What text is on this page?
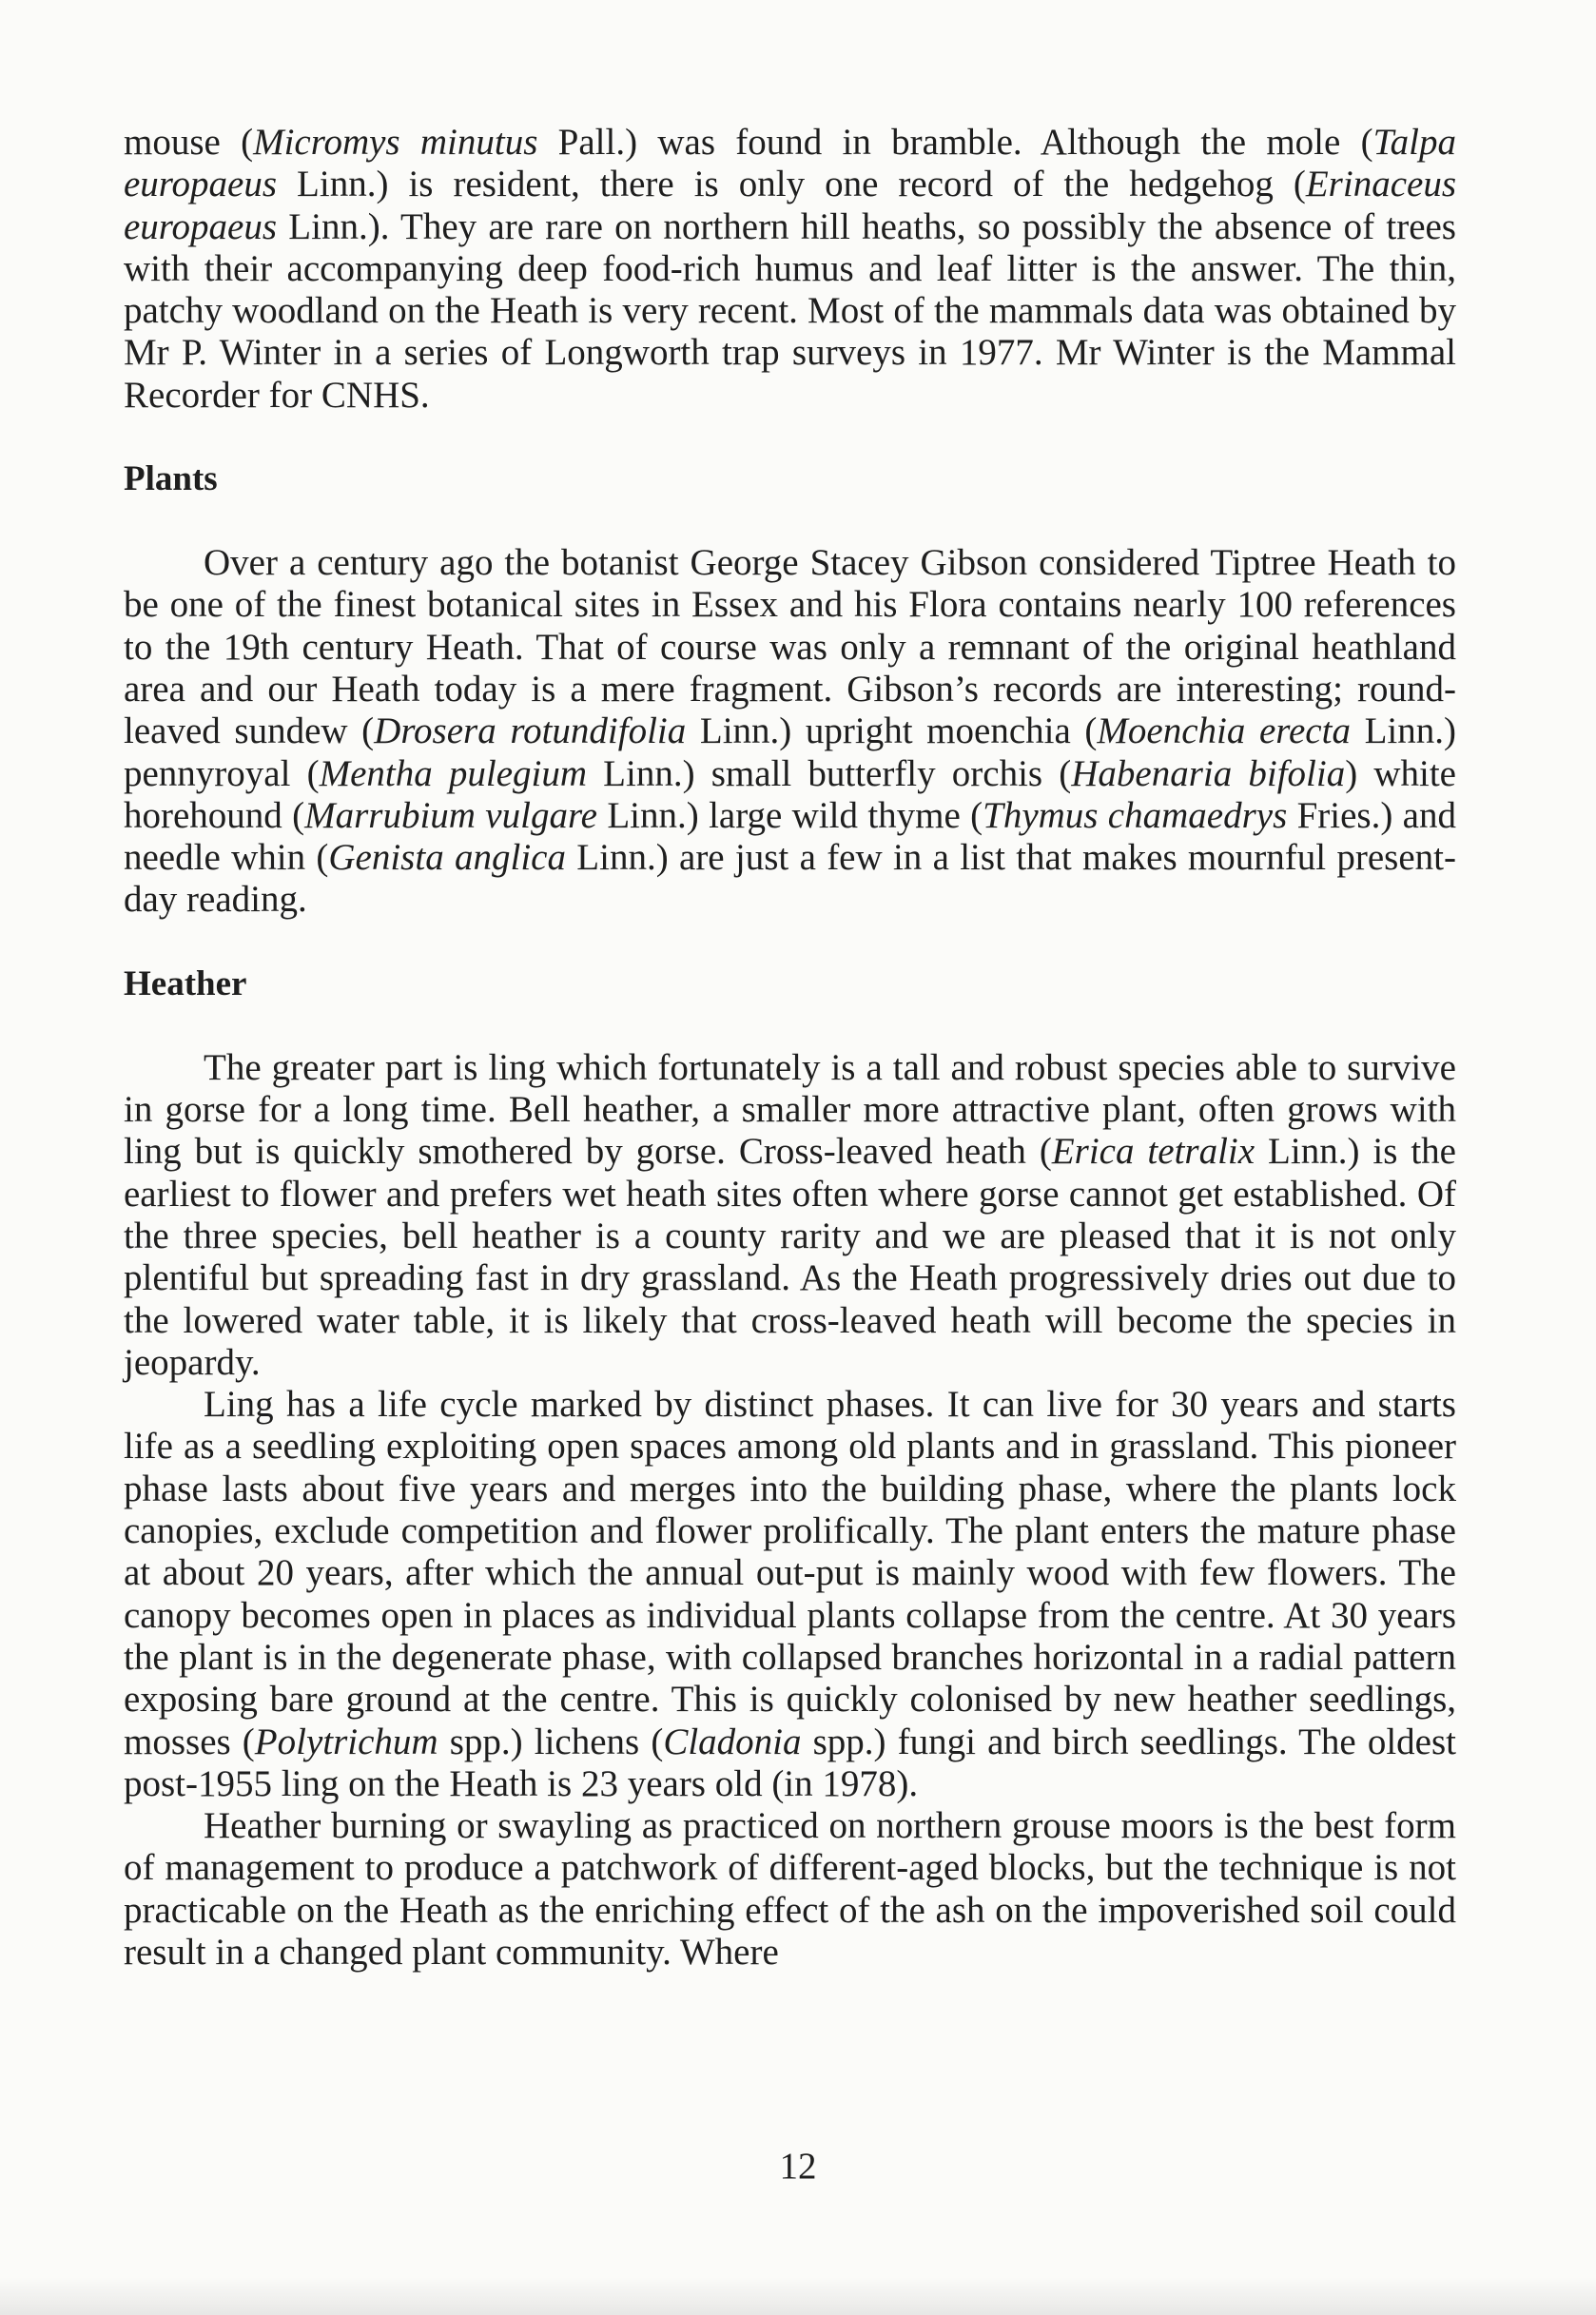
mouse (Micromys minutus Pall.) was found in bramble. Although the mole (Talpa europaeus Linn.) is resident, there is only one record of the hedgehog (Erinaceus europaeus Linn.). They are rare on northern hill heaths, so possibly the absence of trees with their accompanying deep food-rich humus and leaf litter is the answer. The thin, patchy woodland on the Heath is very recent. Most of the mammals data was obtained by Mr P. Winter in a series of Longworth trap surveys in 1977. Mr Winter is the Mammal Recorder for CNHS.

Plants

Over a century ago the botanist George Stacey Gibson considered Tiptree Heath to be one of the finest botanical sites in Essex and his Flora contains nearly 100 references to the 19th century Heath. That of course was only a remnant of the original heathland area and our Heath today is a mere fragment. Gibson’s records are interesting; round-leaved sundew (Drosera rotundifolia Linn.) upright moenchia (Moenchia erecta Linn.) pennyroyal (Mentha pulegium Linn.) small butterfly orchis (Habenaria bifolia) white horehound (Marrubium vulgare Linn.) large wild thyme (Thymus chamaedrys Fries.) and needle whin (Genista anglica Linn.) are just a few in a list that makes mournful present-day reading.

Heather

The greater part is ling which fortunately is a tall and robust species able to survive in gorse for a long time. Bell heather, a smaller more attractive plant, often grows with ling but is quickly smothered by gorse. Cross-leaved heath (Erica tetralix Linn.) is the earliest to flower and prefers wet heath sites often where gorse cannot get established. Of the three species, bell heather is a county rarity and we are pleased that it is not only plentiful but spreading fast in dry grassland. As the Heath progressively dries out due to the lowered water table, it is likely that cross-leaved heath will become the species in jeopardy.

Ling has a life cycle marked by distinct phases. It can live for 30 years and starts life as a seedling exploiting open spaces among old plants and in grassland. This pioneer phase lasts about five years and merges into the building phase, where the plants lock canopies, exclude competition and flower prolifically. The plant enters the mature phase at about 20 years, after which the annual out-put is mainly wood with few flowers. The canopy becomes open in places as individual plants collapse from the centre. At 30 years the plant is in the degenerate phase, with collapsed branches horizontal in a radial pattern exposing bare ground at the centre. This is quickly colonised by new heather seedlings, mosses (Polytrichum spp.) lichens (Cladonia spp.) fungi and birch seedlings. The oldest post-1955 ling on the Heath is 23 years old (in 1978).

Heather burning or swayling as practiced on northern grouse moors is the best form of management to produce a patchwork of different-aged blocks, but the technique is not practicable on the Heath as the enriching effect of the ash on the impoverished soil could result in a changed plant community. Where

12
